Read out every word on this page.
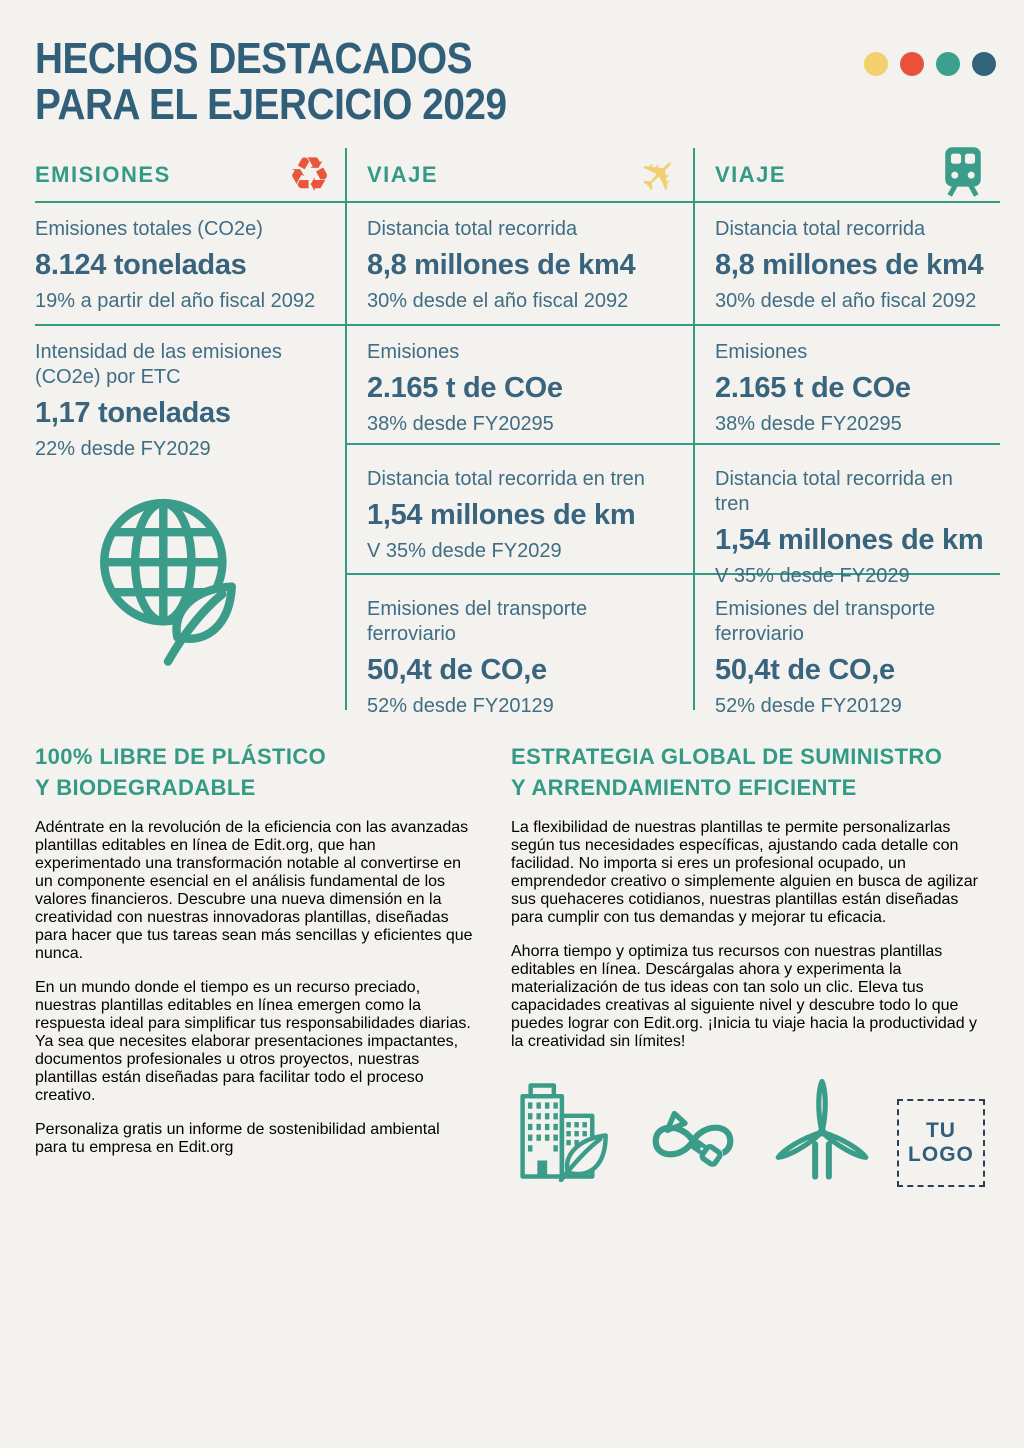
HECHOS DESTACADOS
PARA EL EJERCICIO 2029
EMISIONES ♻
Emisiones totales (CO2e)
8.124 toneladas
19% a partir del año fiscal 2092
Intensidad de las emisiones (CO2e) por ETC
1,17 toneladas
22% desde FY2029
VIAJE	✈
Distancia total recorrida
8,8 millones de km4
30% desde el año fiscal 2092
Emisiones
2.165 t de COe
38% desde FY20295
Distancia total recorrida en tren
1,54 millones de km
V 35% desde FY2029
Emisiones del transporte ferroviario
50,4t de CO,e
52% desde FY20129
VIAJE
Distancia total recorrida
8,8 millones de km4
30% desde el año fiscal 2092
Emisiones
2.165 t de COe
38% desde FY20295
Distancia total recorrida en tren
1,54 millones de km
V 35% desde FY2029
Emisiones del transporte ferroviario
50,4t de CO,e
52% desde FY20129
100% LIBRE DE PLÁSTICO
Y BIODEGRADABLE

Adéntrate en la revolución de la eficiencia con las avanzadas plantillas editables en línea de Edit.org, que han experimentado una transformación notable al convertirse en un componente esencial en el análisis fundamental de los valores financieros. Descubre una nueva dimensión en la creatividad con nuestras innovadoras plantillas, diseñadas para hacer que tus tareas sean más sencillas y eficientes que nunca.

En un mundo donde el tiempo es un recurso preciado, nuestras plantillas editables en línea emergen como la respuesta ideal para simplificar tus responsabilidades diarias. Ya sea que necesites elaborar presentaciones impactantes, documentos profesionales u otros proyectos, nuestras plantillas están diseñadas para facilitar todo el proceso creativo.

Personaliza gratis un informe de sostenibilidad ambiental para tu empresa en Edit.org

ESTRATEGIA GLOBAL DE SUMINISTRO
Y ARRENDAMIENTO EFICIENTE

La flexibilidad de nuestras plantillas te permite personalizarlas según tus necesidades específicas, ajustando cada detalle con facilidad. No importa si eres un profesional ocupado, un emprendedor creativo o simplemente alguien en busca de agilizar sus quehaceres cotidianos, nuestras plantillas están diseñadas para cumplir con tus demandas y mejorar tu eficacia.

Ahorra tiempo y optimiza tus recursos con nuestras plantillas editables en línea. Descárgalas ahora y experimenta la materialización de tus ideas con tan solo un clic. Eleva tus capacidades creativas al siguiente nivel y descubre todo lo que puedes lograr con Edit.org. ¡Inicia tu viaje hacia la productividad y la creatividad sin límites!

TU
LOGO
